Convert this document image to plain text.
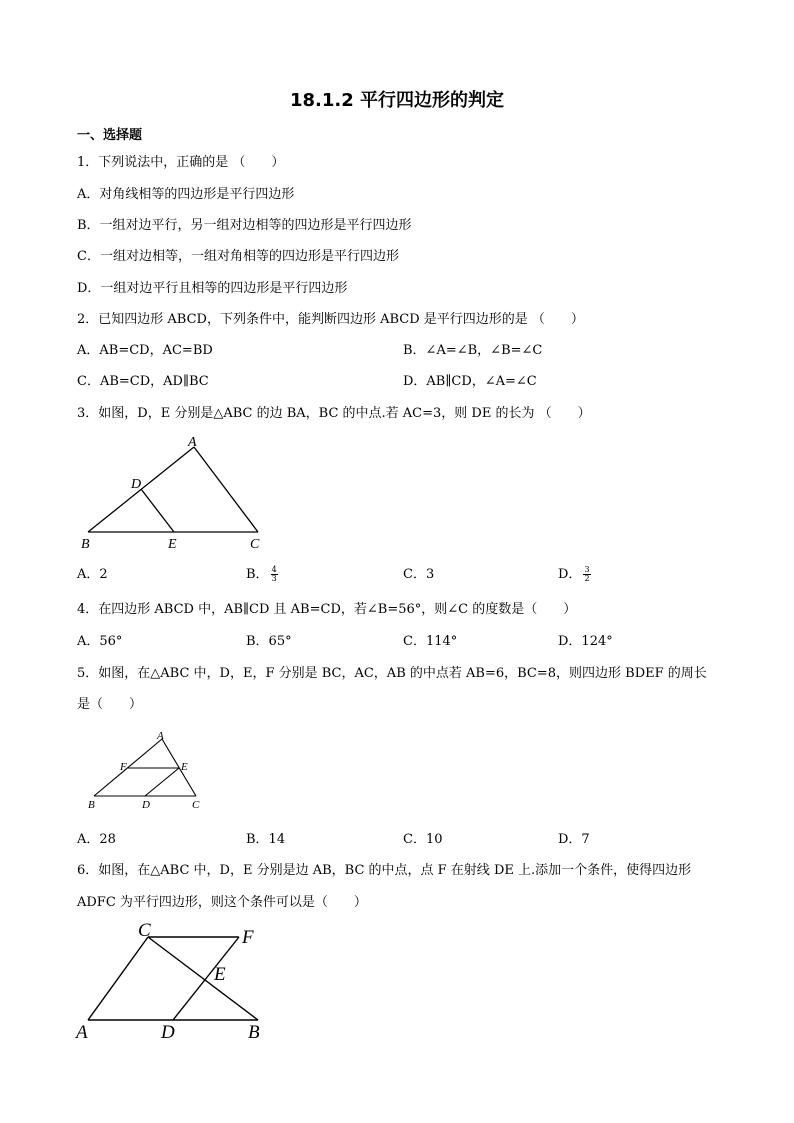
18.1.2 平行四边形的判定
一、选择题
1．下列说法中，正确的是 （　　）
A．对角线相等的四边形是平行四边形
B．一组对边平行，另一组对边相等的四边形是平行四边形
C．一组对边相等，一组对角相等的四边形是平行四边形
D．一组对边平行且相等的四边形是平行四边形
2．已知四边形 ABCD，下列条件中，能判断四边形 ABCD 是平行四边形的是 （　　）
A．AB=CD，AC=BD	B．∠A=∠B，∠B=∠C
C．AB=CD，AD∥BC	D．AB∥CD，∠A=∠C
3．如图，D，E 分别是△ABC 的边 BA，BC 的中点.若 AC=3，则 DE 的长为 （　　）
A
D
B	E	C
A．2	B． $\frac{4}{3}$	C．3	D． $\frac{3}{2}$
4．在四边形 ABCD 中，AB∥CD 且 AB=CD，若∠B=56°，则∠C 的度数是（　　）
A．56°	B．65°	C．114°	D．124°
5．如图，在△ABC 中，D，E，F 分别是 BC，AC，AB 的中点若 AB=6，BC=8，则四边形 BDEF 的周长
是（　　）
A
F	E
B	D	C
A．28	B．14	C．10	D．7
6．如图，在△ABC 中，D，E 分别是边 AB，BC 的中点，点 F 在射线 DE 上.添加一个条件，使得四边形
ADFC 为平行四边形，则这个条件可以是（　　）
C	F
E
A	D	B
